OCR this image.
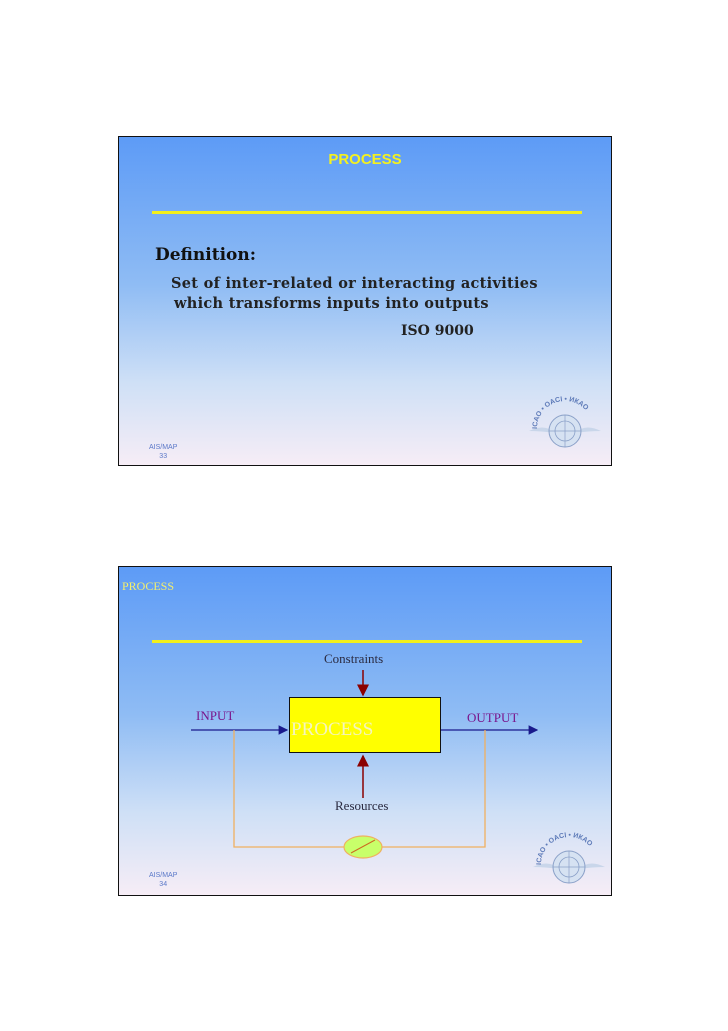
PROCESS
Definition:
Set of inter-related or interacting activities
which transforms inputs into outputs
ISO 9000
ICAO • OACI • ИКАО
AIS/MAP
33
PROCESS
PROCESS
Constraints
INPUT	OUTPUT
Resources
ICAO • OACI • ИКАО
AIS/MAP
34
